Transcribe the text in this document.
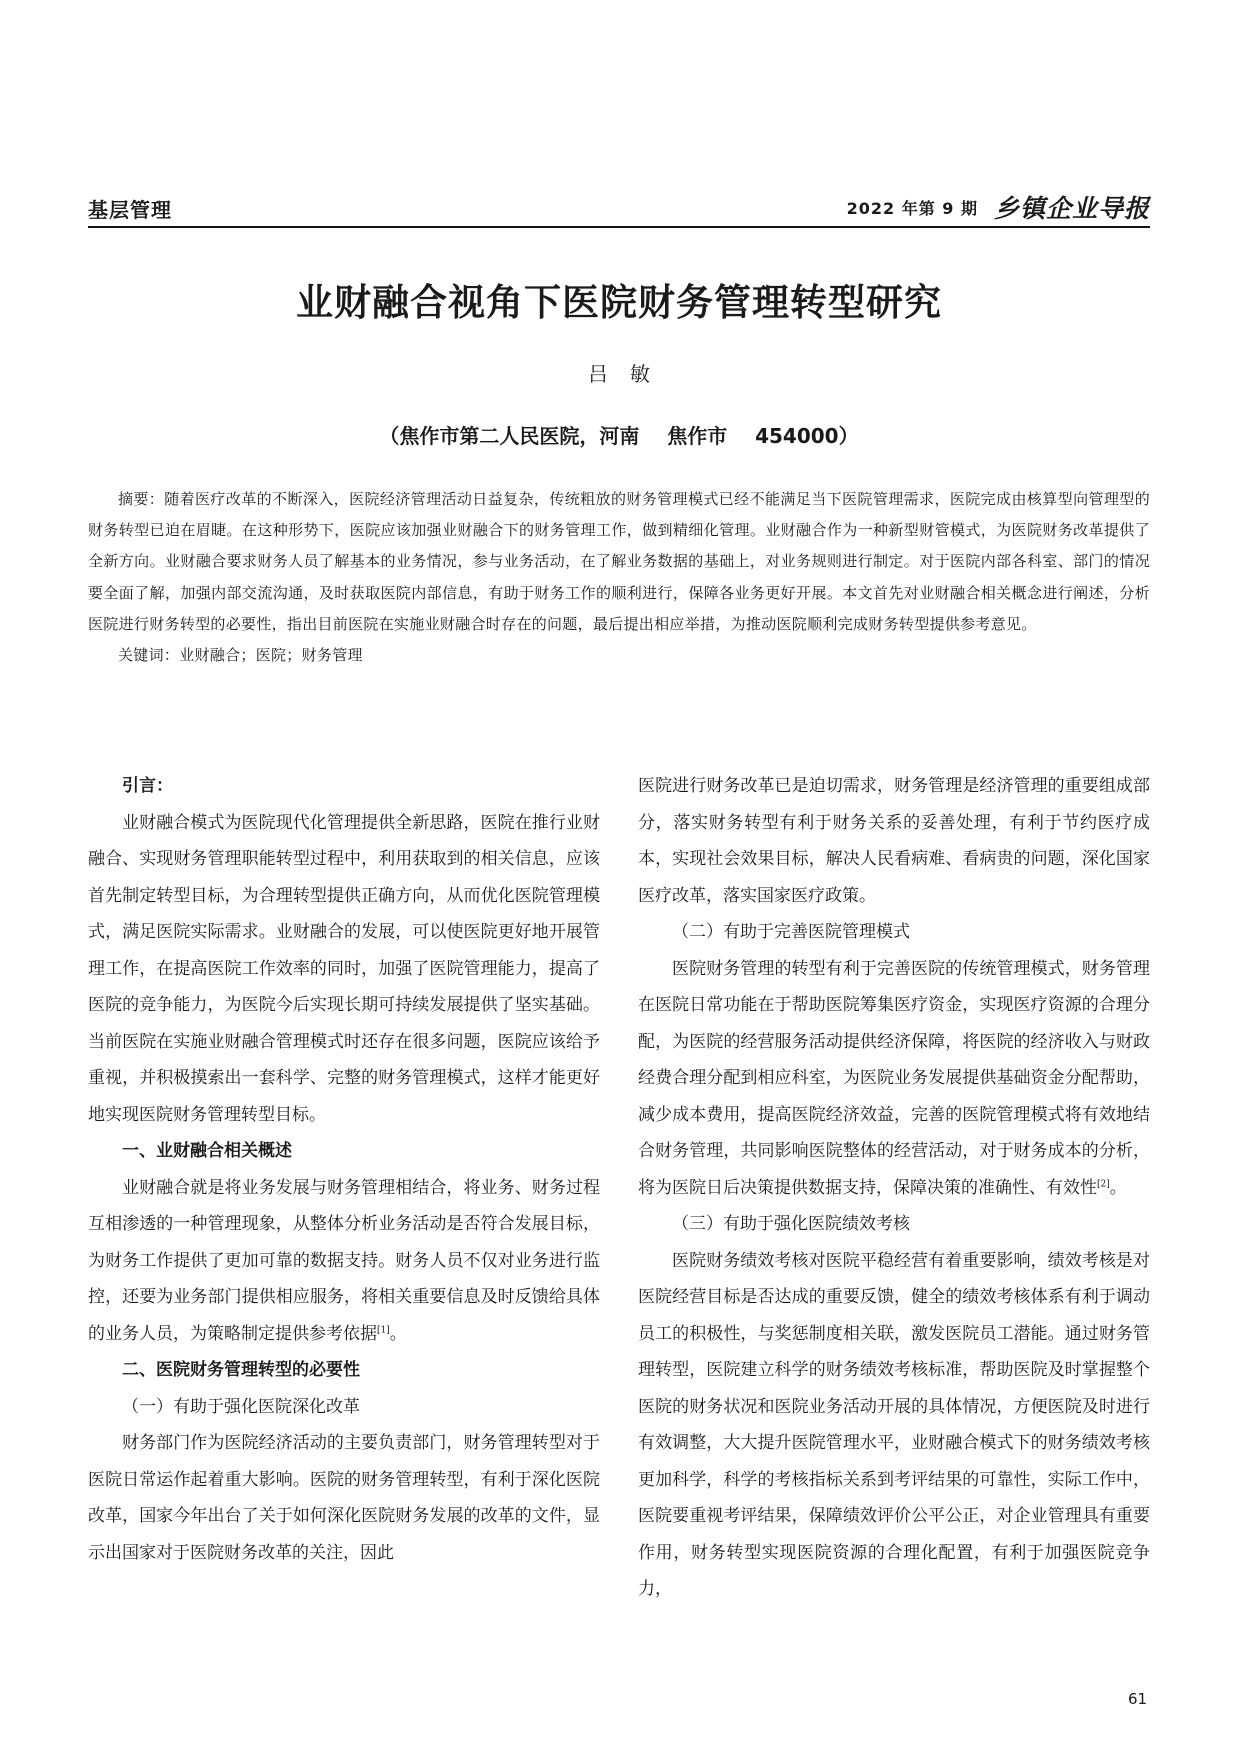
基层管理	2022 年第 9 期 乡镇企业导报
业财融合视角下医院财务管理转型研究
吕敏
（焦作市第二人民医院，河南    焦作市    454000）

摘要：随着医疗改革的不断深入，医院经济管理活动日益复杂，传统粗放的财务管理模式已经不能满足当下医院管理需求，医院完成由核算型向管理型的财务转型已迫在眉睫。在这种形势下，医院应该加强业财融合下的财务管理工作，做到精细化管理。业财融合作为一种新型财管模式，为医院财务改革提供了全新方向。业财融合要求财务人员了解基本的业务情况，参与业务活动，在了解业务数据的基础上，对业务规则进行制定。对于医院内部各科室、部门的情况要全面了解，加强内部交流沟通，及时获取医院内部信息，有助于财务工作的顺利进行，保障各业务更好开展。本文首先对业财融合相关概念进行阐述，分析医院进行财务转型的必要性，指出目前医院在实施业财融合时存在的问题，最后提出相应举措，为推动医院顺利完成财务转型提供参考意见。

关键词：业财融合；医院；财务管理

引言：

业财融合模式为医院现代化管理提供全新思路，医院在推行业财融合、实现财务管理职能转型过程中，利用获取到的相关信息，应该首先制定转型目标，为合理转型提供正确方向，从而优化医院管理模式，满足医院实际需求。业财融合的发展，可以使医院更好地开展管理工作，在提高医院工作效率的同时，加强了医院管理能力，提高了医院的竞争能力，为医院今后实现长期可持续发展提供了坚实基础。当前医院在实施业财融合管理模式时还存在很多问题，医院应该给予重视，并积极摸索出一套科学、完整的财务管理模式，这样才能更好地实现医院财务管理转型目标。

一、业财融合相关概述

业财融合就是将业务发展与财务管理相结合，将业务、财务过程互相渗透的一种管理现象，从整体分析业务活动是否符合发展目标，为财务工作提供了更加可靠的数据支持。财务人员不仅对业务进行监控，还要为业务部门提供相应服务，将相关重要信息及时反馈给具体的业务人员，为策略制定提供参考依据[1]。

二、医院财务管理转型的必要性

（一）有助于强化医院深化改革

财务部门作为医院经济活动的主要负责部门，财务管理转型对于医院日常运作起着重大影响。医院的财务管理转型，有利于深化医院改革，国家今年出台了关于如何深化医院财务发展的改革的文件，显示出国家对于医院财务改革的关注，因此

医院进行财务改革已是迫切需求，财务管理是经济管理的重要组成部分，落实财务转型有利于财务关系的妥善处理，有利于节约医疗成本，实现社会效果目标，解决人民看病难、看病贵的问题，深化国家医疗改革，落实国家医疗政策。

（二）有助于完善医院管理模式

医院财务管理的转型有利于完善医院的传统管理模式，财务管理在医院日常功能在于帮助医院筹集医疗资金，实现医疗资源的合理分配，为医院的经营服务活动提供经济保障，将医院的经济收入与财政经费合理分配到相应科室，为医院业务发展提供基础资金分配帮助，减少成本费用，提高医院经济效益，完善的医院管理模式将有效地结合财务管理，共同影响医院整体的经营活动，对于财务成本的分析，将为医院日后决策提供数据支持，保障决策的准确性、有效性[2]。

（三）有助于强化医院绩效考核

医院财务绩效考核对医院平稳经营有着重要影响，绩效考核是对医院经营目标是否达成的重要反馈，健全的绩效考核体系有利于调动员工的积极性，与奖惩制度相关联，激发医院员工潜能。通过财务管理转型，医院建立科学的财务绩效考核标准，帮助医院及时掌握整个医院的财务状况和医院业务活动开展的具体情况，方便医院及时进行有效调整，大大提升医院管理水平，业财融合模式下的财务绩效考核更加科学，科学的考核指标关系到考评结果的可靠性，实际工作中，医院要重视考评结果，保障绩效评价公平公正，对企业管理具有重要作用，财务转型实现医院资源的合理化配置，有利于加强医院竞争力，

61
